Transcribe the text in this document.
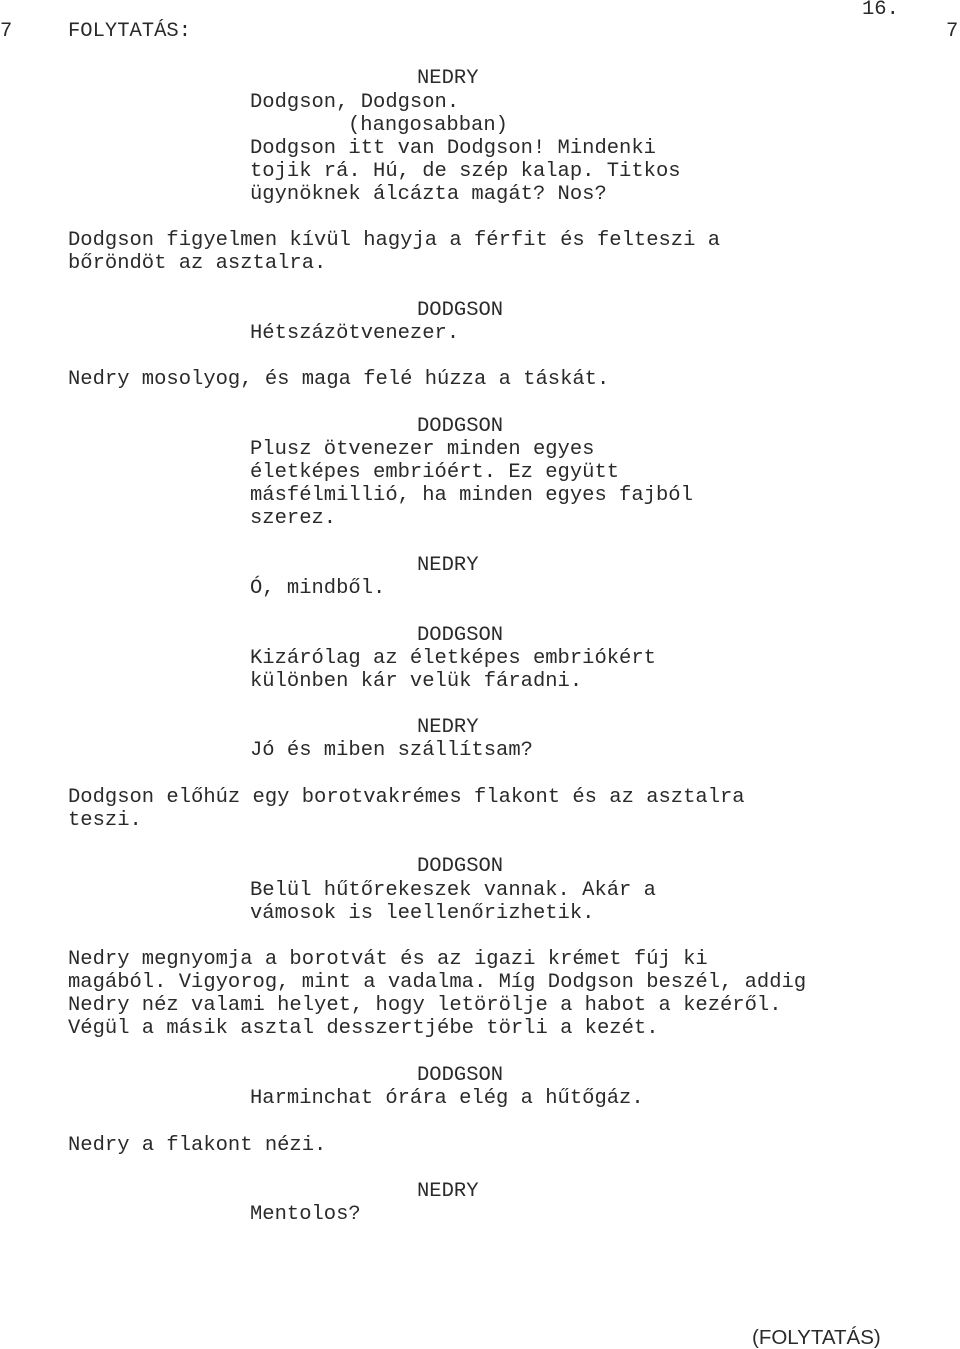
7	FOLYTATÁS:
16.
7
NEDRY
Dodgson, Dodgson.
(hangosabban)
Dodgson itt van Dodgson! Mindenki
tojik rá. Hú, de szép kalap. Titkos
ügynöknek álcázta magát? Nos?
Dodgson figyelmen kívül hagyja a férfit és felteszi a
bőröndöt az asztalra.
DODGSON
Hétszázötvenezer.
Nedry mosolyog, és maga felé húzza a táskát.
DODGSON
Plusz ötvenezer minden egyes
életképes embrióért. Ez együtt
másfélmillió, ha minden egyes fajból
szerez.
NEDRY
Ó, mindből.
DODGSON
Kizárólag az életképes embriókért
különben kár velük fáradni.
NEDRY
Jó és miben szállítsam?
Dodgson előhúz egy borotvakrémes flakont és az asztalra
teszi.
DODGSON
Belül hűtőrekeszek vannak. Akár a
vámosok is leellenőrizhetik.
Nedry megnyomja a borotvát és az igazi krémet fúj ki
magából. Vigyorog, mint a vadalma. Míg Dodgson beszél, addig
Nedry néz valami helyet, hogy letörölje a habot a kezéről.
Végül a másik asztal desszertjébe törli a kezét.
DODGSON
Harminchat órára elég a hűtőgáz.
Nedry a flakont nézi.
NEDRY
Mentolos?
(FOLYTATÁS)
